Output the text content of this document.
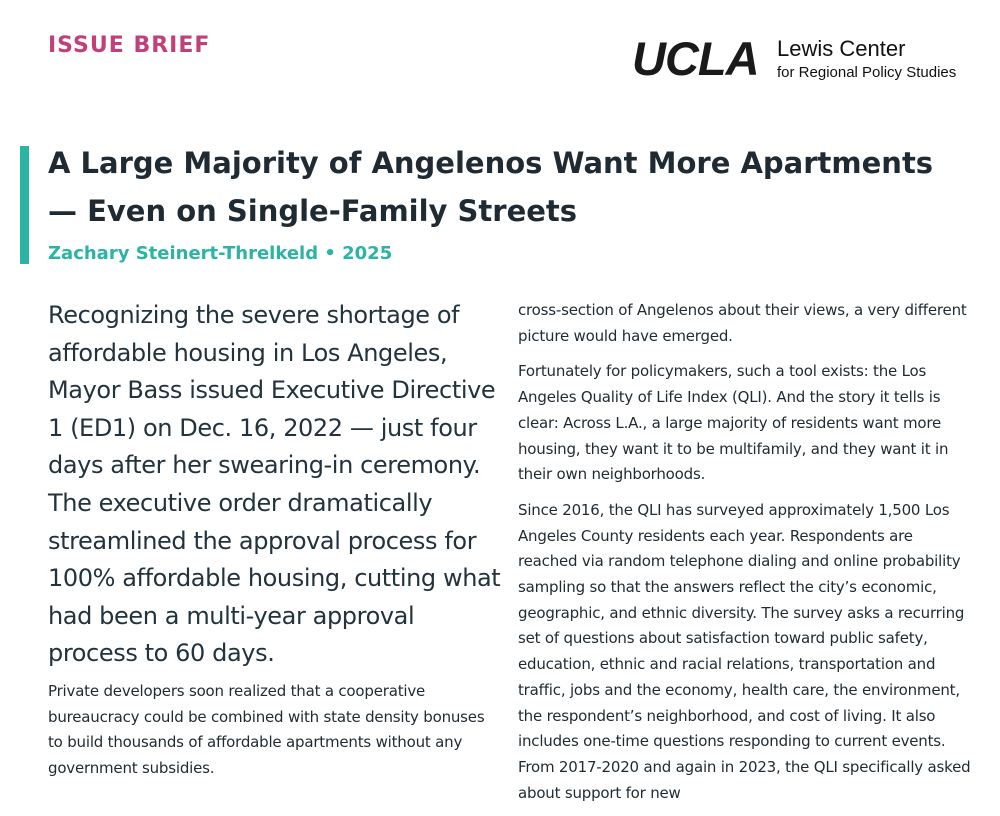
ISSUE BRIEF	UCLA Lewis Center
for Regional Policy Studies
A Large Majority of Angelenos Want More Apartments — Even on Single-Family Streets
Zachary Steinert-Threlkeld • 2025

Recognizing the severe shortage of affordable housing in Los Angeles, Mayor Bass issued Executive Directive 1 (ED1) on Dec. 16, 2022 — just four days after her swearing-in ceremony. The executive order dramatically streamlined the approval process for 100% affordable housing, cutting what had been a multi-year approval process to 60 days.

Private developers soon realized that a cooperative bureaucracy could be combined with state density bonuses to build thousands of affordable apartments without any government subsidies.

cross-section of Angelenos about their views, a very different picture would have emerged.

Fortunately for policymakers, such a tool exists: the Los Angeles Quality of Life Index (QLI). And the story it tells is clear: Across L.A., a large majority of residents want more housing, they want it to be multifamily, and they want it in their own neighborhoods.

Since 2016, the QLI has surveyed approximately 1,500 Los Angeles County residents each year. Respondents are reached via random telephone dialing and online probability sampling so that the answers reflect the city’s economic, geographic, and ethnic diversity. The survey asks a recurring set of questions about satisfaction toward public safety, education, ethnic and racial relations, transportation and traffic, jobs and the economy, health care, the environment, the respondent’s neighborhood, and cost of living. It also includes one-time questions responding to current events. From 2017-2020 and again in 2023, the QLI specifically asked about support for new
